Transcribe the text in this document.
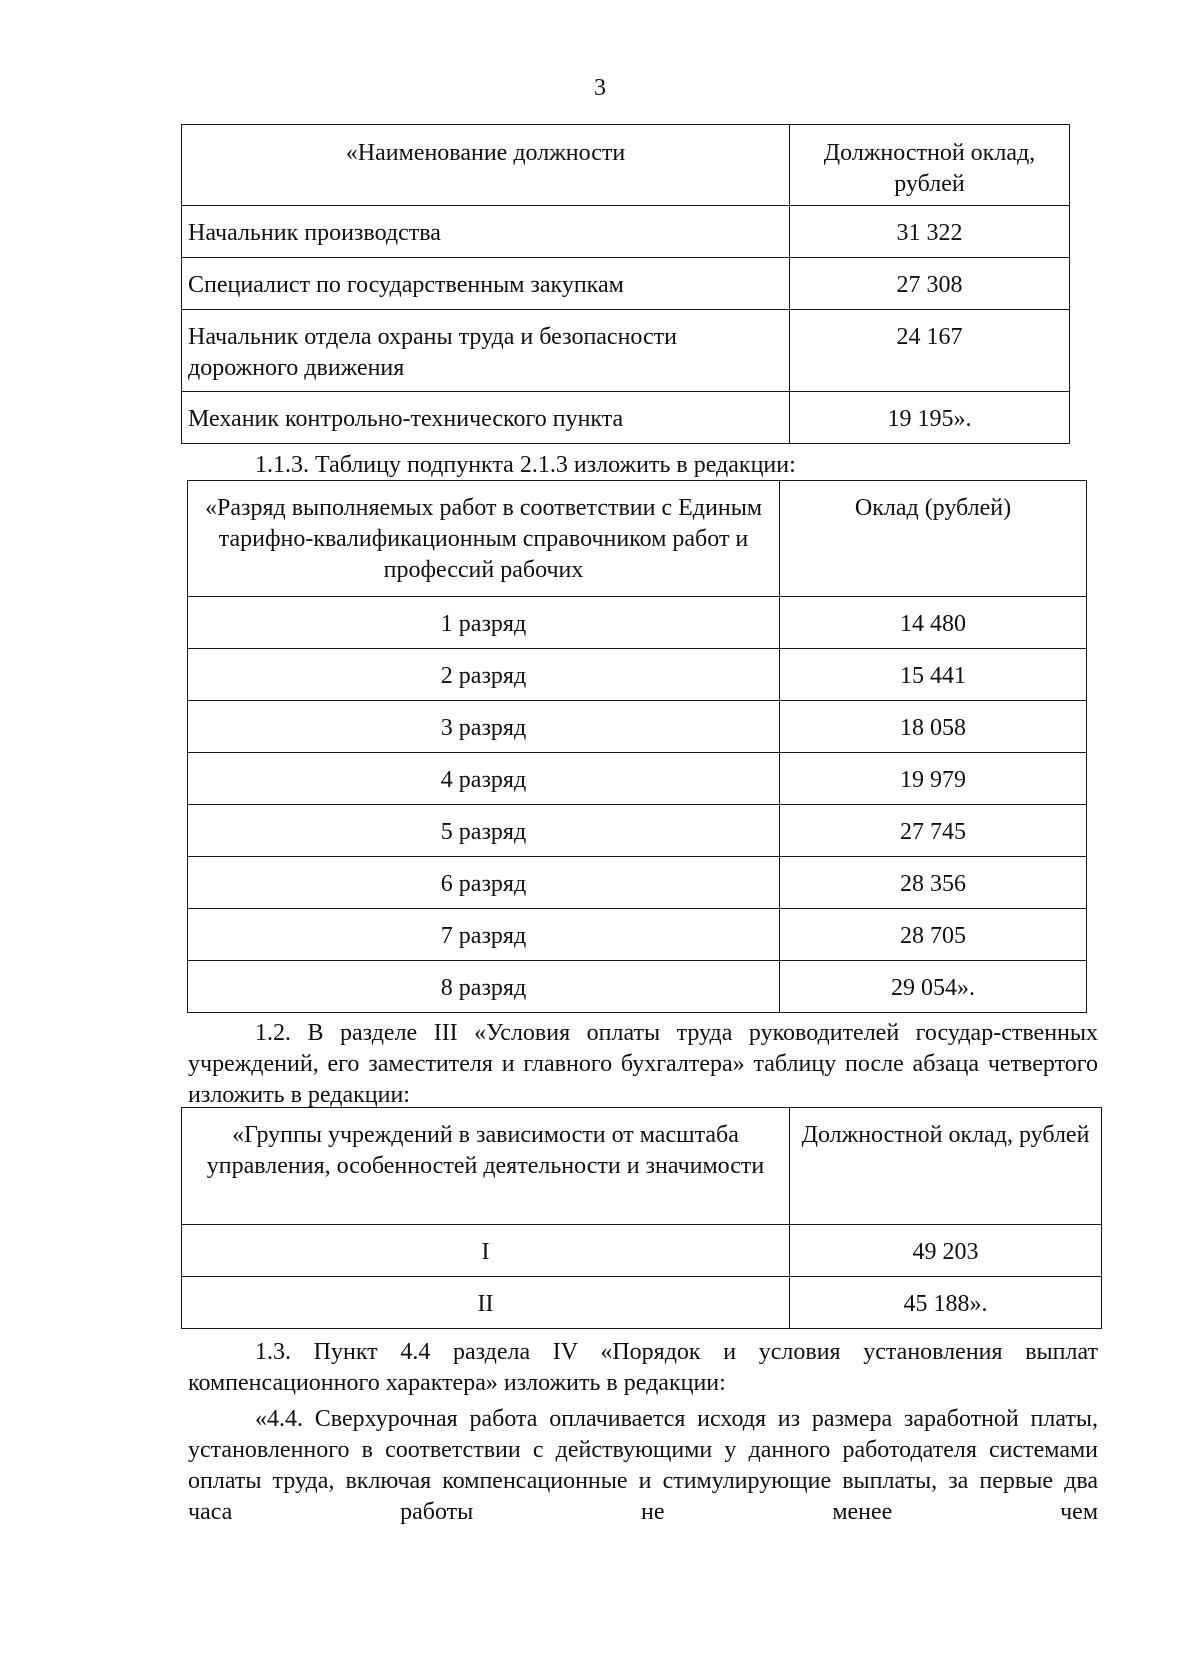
3
«Наименование должности	Должностной оклад, рублей
Начальник производства	31 322
Специалист по государственным закупкам	27 308
Начальник отдела охраны труда и безопасности дорожного движения	24 167
Механик контрольно-технического пункта	19 195».
1.1.3. Таблицу подпункта 2.1.3 изложить в редакции:
«Разряд выполняемых работ в соответствии с Единым тарифно-квалификационным справочником работ и профессий рабочих	Оклад (рублей)
1 разряд	14 480
2 разряд	15 441
3 разряд	18 058
4 разряд	19 979
5 разряд	27 745
6 разряд	28 356
7 разряд	28 705
8 разряд	29 054».
1.2. В разделе III «Условия оплаты труда руководителей государ-ственных учреждений, его заместителя и главного бухгалтера» таблицу после абзаца четвертого изложить в редакции:
«Группы учреждений в зависимости от масштаба управления, особенностей деятельности и значимости	Должностной оклад, рублей
I	49 203
II	45 188».
1.3. Пункт 4.4 раздела IV «Порядок и условия установления выплат компенсационного характера» изложить в редакции:
«4.4. Сверхурочная работа оплачивается исходя из размера заработной платы, установленного в соответствии с действующими у данного работодателя системами оплаты труда, включая компенсационные и стимулирующие выплаты, за первые два часа работы не менее чем
